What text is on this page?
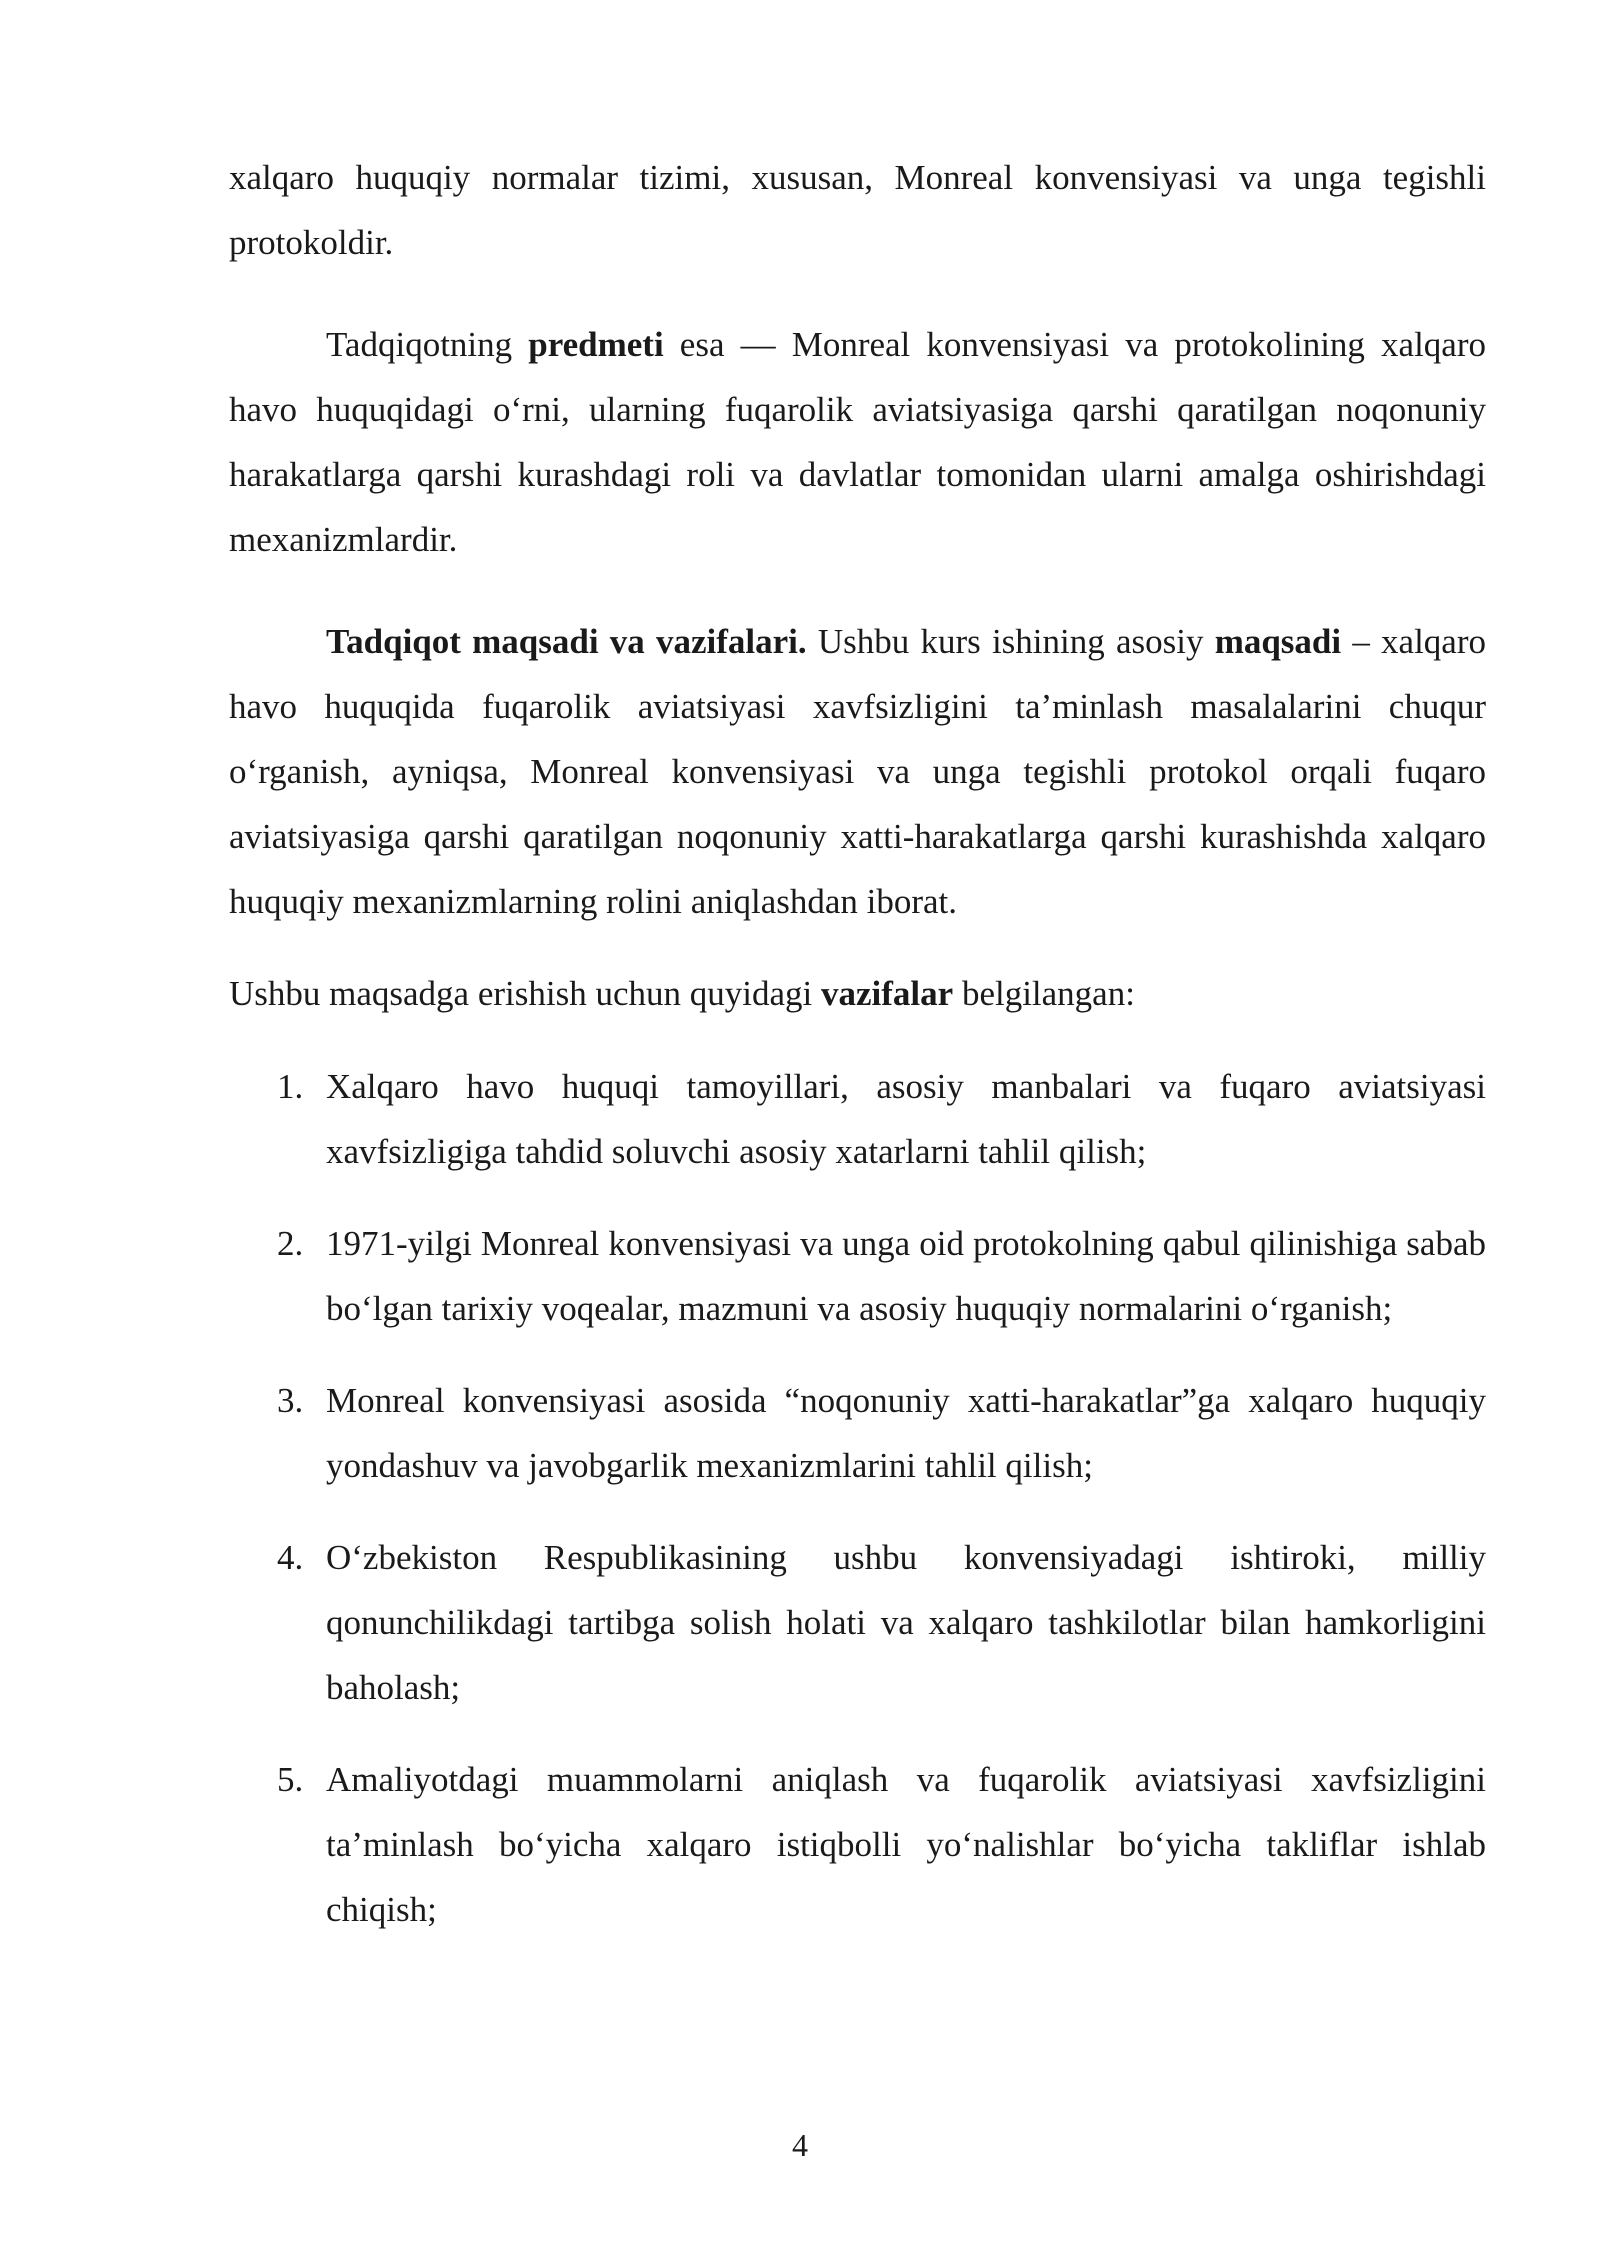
xalqaro huquqiy normalar tizimi, xususan, Monreal konvensiyasi va unga tegishli protokoldir.

Tadqiqotning predmeti esa — Monreal konvensiyasi va protokolining xalqaro havo huquqidagi o‘rni, ularning fuqarolik aviatsiyasiga qarshi qaratilgan noqonuniy harakatlarga qarshi kurashdagi roli va davlatlar tomonidan ularni amalga oshirishdagi mexanizmlardir.

Tadqiqot maqsadi va vazifalari. Ushbu kurs ishining asosiy maqsadi – xalqaro havo huquqida fuqarolik aviatsiyasi xavfsizligini ta’minlash masalalarini chuqur o‘rganish, ayniqsa, Monreal konvensiyasi va unga tegishli protokol orqali fuqaro aviatsiyasiga qarshi qaratilgan noqonuniy xatti-harakatlarga qarshi kurashishda xalqaro huquqiy mexanizmlarning rolini aniqlashdan iborat.

Ushbu maqsadga erishish uchun quyidagi vazifalar belgilangan:

1. Xalqaro havo huquqi tamoyillari, asosiy manbalari va fuqaro aviatsiyasi xavfsizligiga tahdid soluvchi asosiy xatarlarni tahlil qilish;
2. 1971-yilgi Monreal konvensiyasi va unga oid protokolning qabul qilinishiga sabab bo‘lgan tarixiy voqealar, mazmuni va asosiy huquqiy normalarini o‘rganish;
3. Monreal konvensiyasi asosida “noqonuniy xatti-harakatlar”ga xalqaro huquqiy yondashuv va javobgarlik mexanizmlarini tahlil qilish;
4. O‘zbekiston Respublikasining ushbu konvensiyadagi ishtiroki, milliy qonunchilikdagi tartibga solish holati va xalqaro tashkilotlar bilan hamkorligini baholash;
5. Amaliyotdagi muammolarni aniqlash va fuqarolik aviatsiyasi xavfsizligini ta’minlash bo‘yicha xalqaro istiqbolli yo‘nalishlar bo‘yicha takliflar ishlab chiqish;
4
